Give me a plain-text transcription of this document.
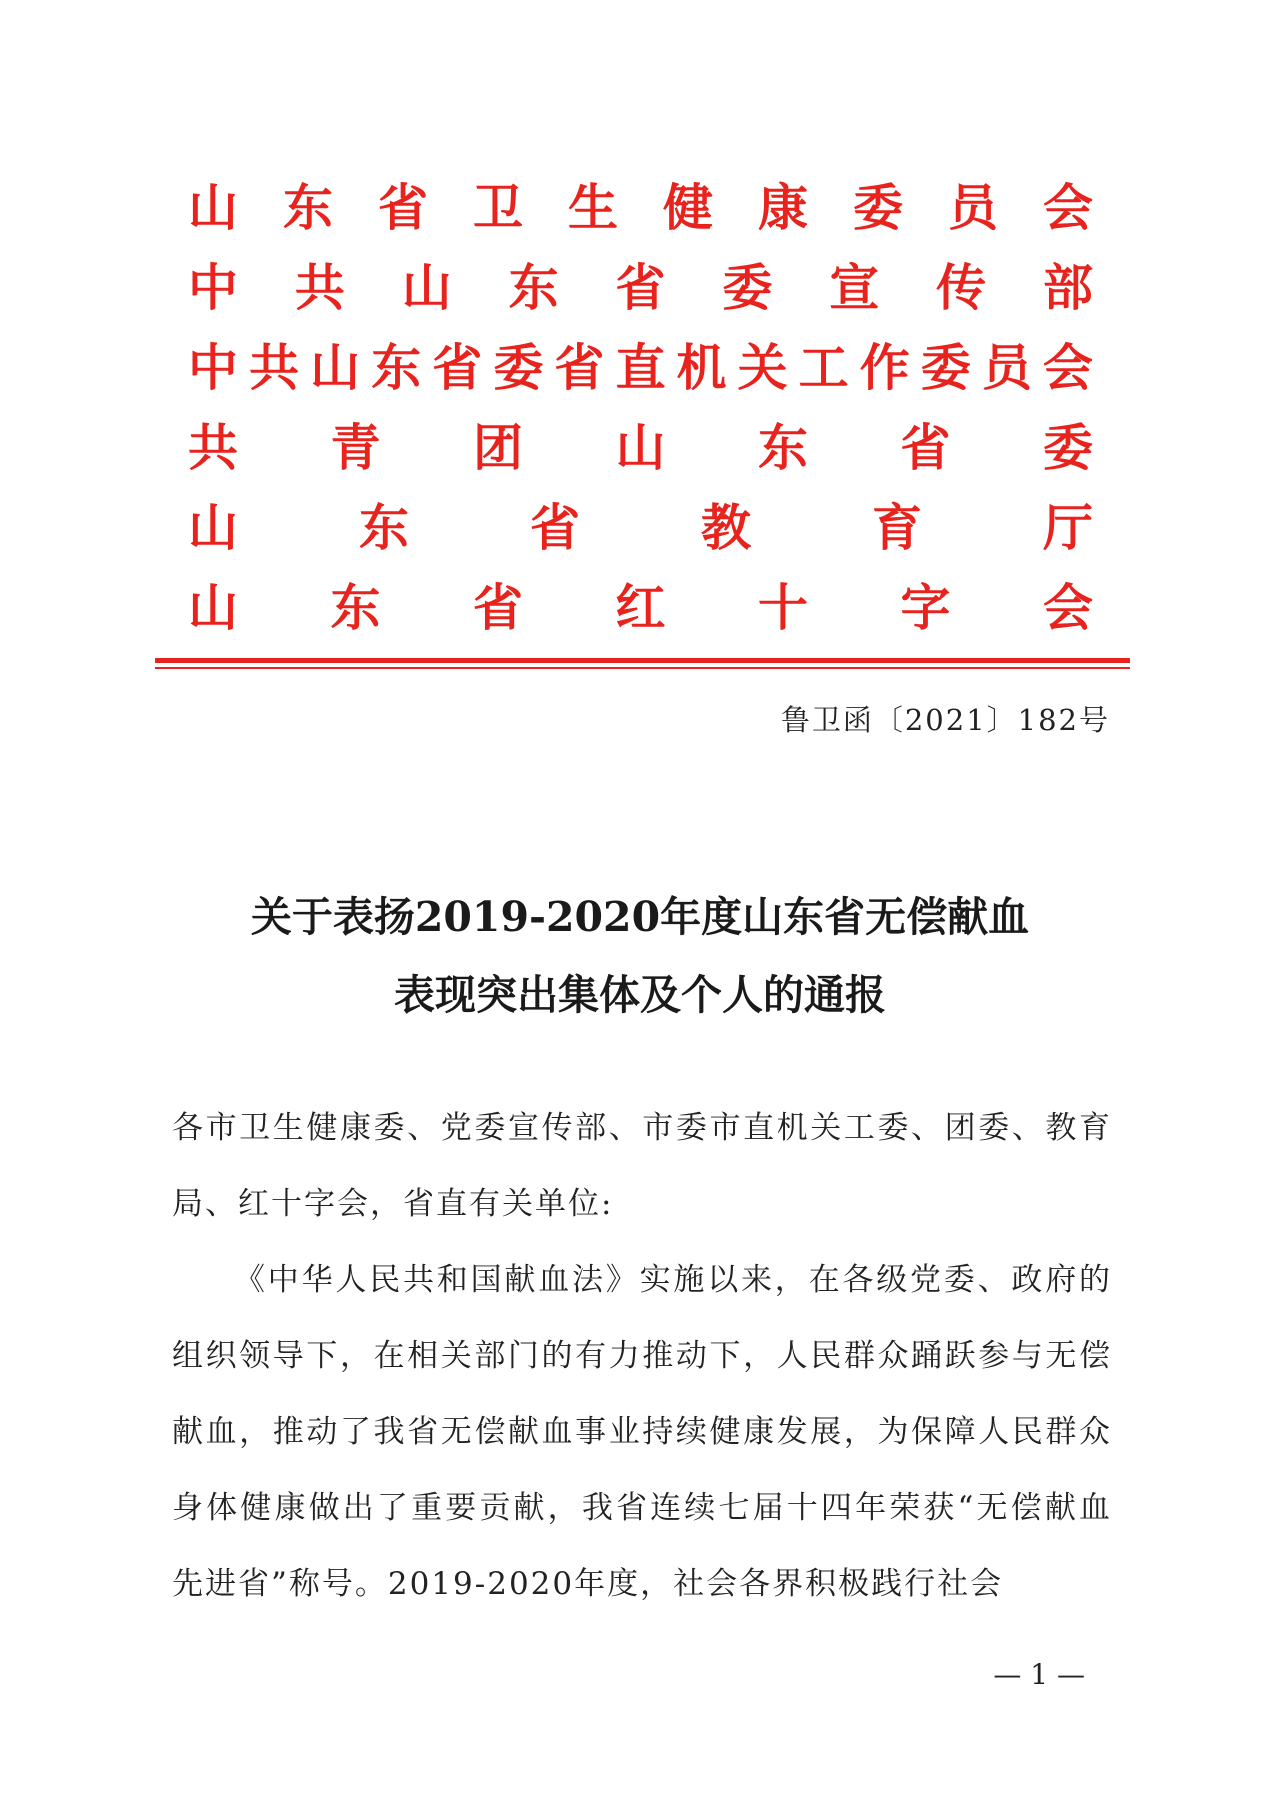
山 东 省 卫 生 健 康 委 员 会
中 共 山 东 省 委 宣 传 部
中 共 山 东 省 委 省 直 机 关 工 作 委 员 会
共 青 团 山 东 省 委
山 东 省 教 育 厅
山 东 省 红 十 字 会
鲁卫函〔2021〕182号
关于表扬2019-2020年度山东省无偿献血
表现突出集体及个人的通报

各市卫生健康委、党委宣传部、市委市直机关工委、团委、教育局、红十字会，省直有关单位:

《中华人民共和国献血法》实施以来，在各级党委、政府的组织领导下，在相关部门的有力推动下，人民群众踊跃参与无偿献血，推动了我省无偿献血事业持续健康发展，为保障人民群众身体健康做出了重要贡献，我省连续七届十四年荣获“无偿献血先进省”称号。2019-2020年度，社会各界积极践行社会

— 1 —
